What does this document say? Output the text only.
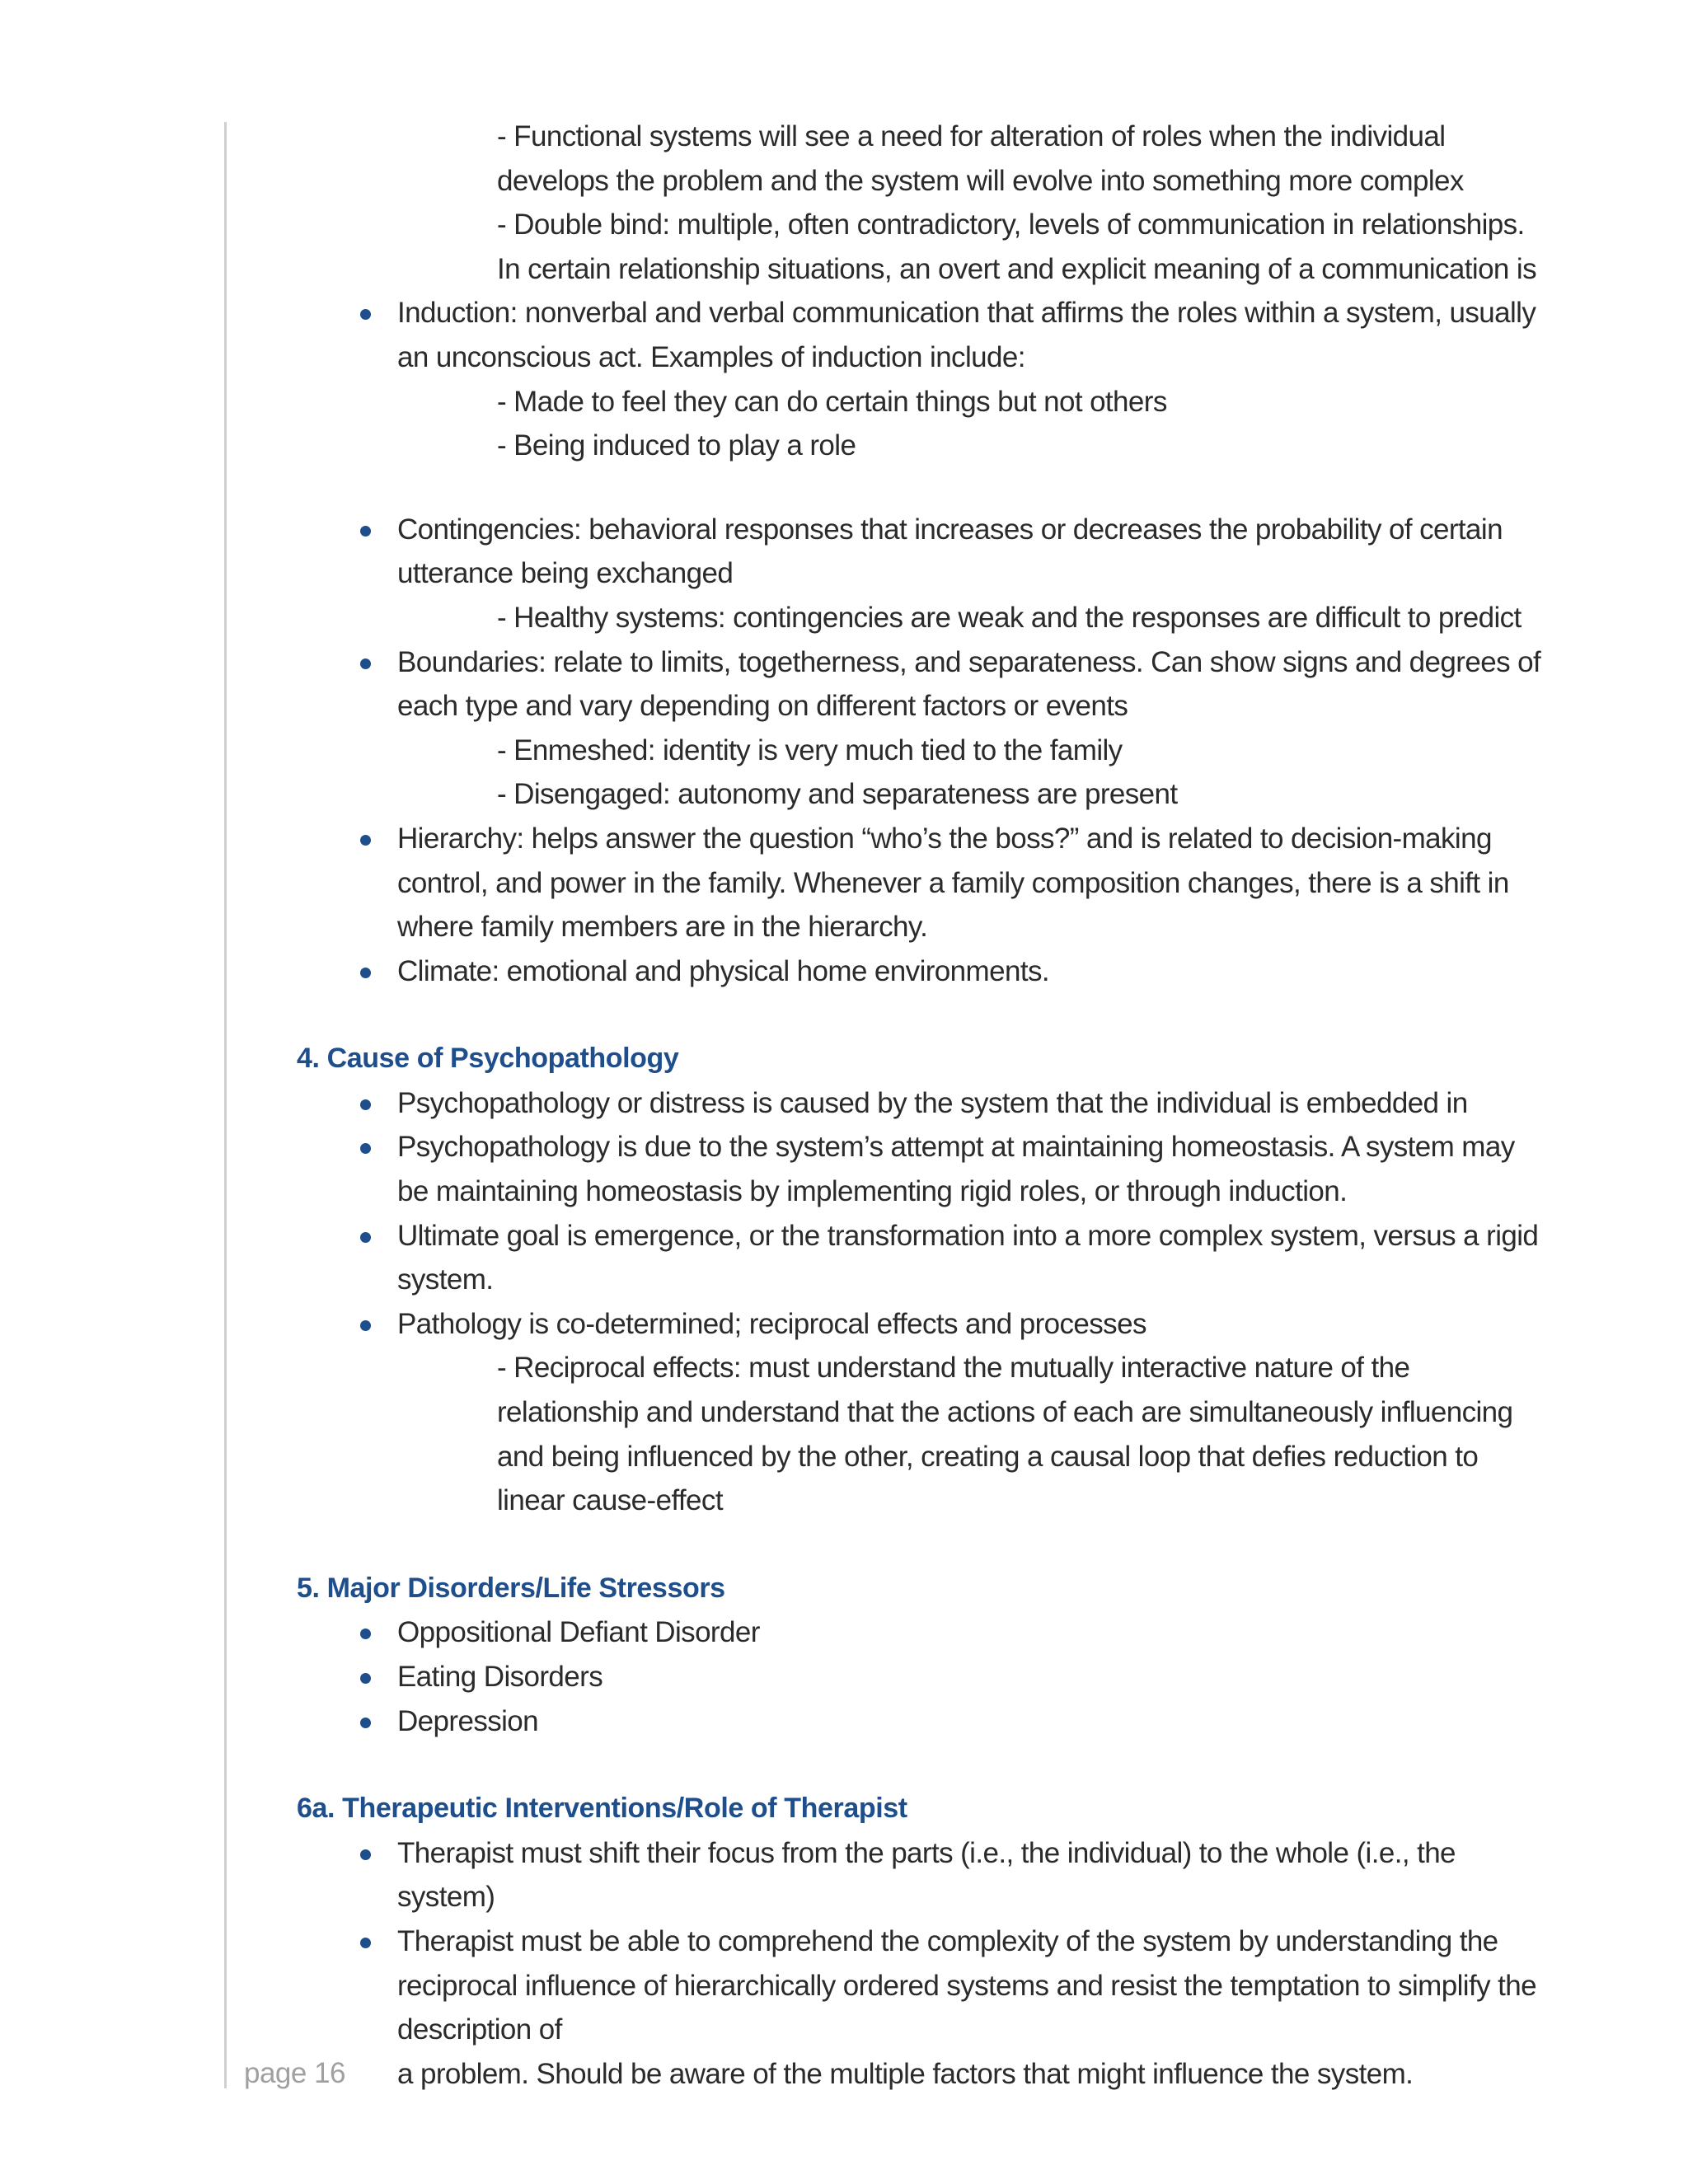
- Functional systems will see a need for alteration of roles when the individual develops the problem and the system will evolve into something more complex
- Double bind: multiple, often contradictory, levels of communication in relationships. In certain relationship situations, an overt and explicit meaning of a communication is
Induction: nonverbal and verbal communication that affirms the roles within a system, usually an unconscious act. Examples of induction include:
- Made to feel they can do certain things but not others
- Being induced to play a role
Contingencies: behavioral responses that increases or decreases the probability of certain
utterance being exchanged
- Healthy systems: contingencies are weak and the responses are difficult to predict
Boundaries: relate to limits, togetherness, and separateness. Can show signs and degrees of each type and vary depending on different factors or events
- Enmeshed: identity is very much tied to the family
- Disengaged: autonomy and separateness are present
Hierarchy: helps answer the question “who’s the boss?” and is related to decision-making control, and power in the family. Whenever a family composition changes, there is a shift in where family members are in the hierarchy.
Climate: emotional and physical home environments.
4. Cause of Psychopathology
Psychopathology or distress is caused by the system that the individual is embedded in
Psychopathology is due to the system’s attempt at maintaining homeostasis. A system may be maintaining homeostasis by implementing rigid roles, or through induction.
Ultimate goal is emergence, or the transformation into a more complex system, versus a rigid system.
Pathology is co-determined; reciprocal effects and processes
- Reciprocal effects: must understand the mutually interactive nature of the relationship and understand that the actions of each are simultaneously influencing and being influenced by the other, creating a causal loop that defies reduction to linear cause-effect
5. Major Disorders/Life Stressors
Oppositional Defiant Disorder
Eating Disorders
Depression
6a. Therapeutic Interventions/Role of Therapist
Therapist must shift their focus from the parts (i.e., the individual) to the whole (i.e., the system)
Therapist must be able to comprehend the complexity of the system by understanding the reciprocal influence of hierarchically ordered systems and resist the temptation to simplify the description of
a problem. Should be aware of the multiple factors that might influence the system.
page 16
